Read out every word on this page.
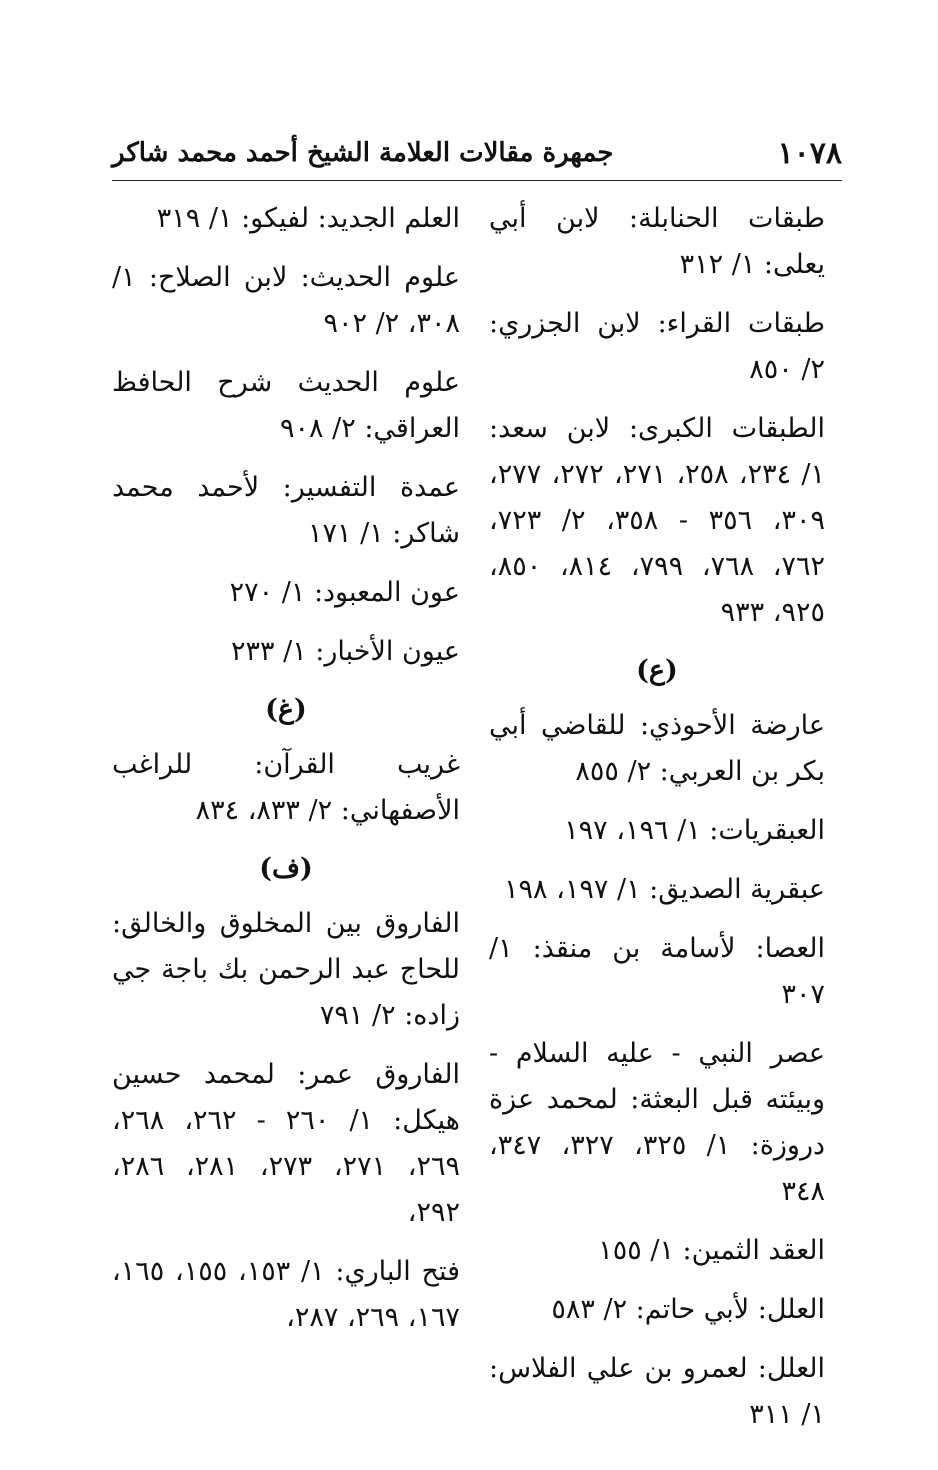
١٠٧٨
جمهرة مقالات العلامة الشيخ أحمد محمد شاكر

طبقات الحنابلة: لابن أبي يعلى: ١/ ٣١٢

طبقات القراء: لابن الجزري: ٢/ ٨٥٠

الطبقات الكبرى: لابن سعد: ١/ ٢٣٤، ٢٥٨، ٢٧١، ٢٧٢، ٢٧٧، ٣٠٩، ٣٥٦ - ٣٥٨، ٢/ ٧٢٣، ٧٦٢، ٧٦٨، ٧٩٩، ٨١٤، ٨٥٠، ٩٢٥، ٩٣٣

(ع)

عارضة الأحوذي: للقاضي أبي بكر بن العربي: ٢/ ٨٥٥

العبقريات: ١/ ١٩٦، ١٩٧

عبقرية الصديق: ١/ ١٩٧، ١٩٨

العصا: لأسامة بن منقذ: ١/ ٣٠٧

عصر النبي - عليه السلام - وبيئته قبل البعثة: لمحمد عزة دروزة: ١/ ٣٢٥، ٣٢٧، ٣٤٧، ٣٤٨

العقد الثمين: ١/ ١٥٥

العلل: لأبي حاتم: ٢/ ٥٨٣

العلل: لعمرو بن علي الفلاس: ١/ ٣١١

العلم الجديد: لفيكو: ١/ ٣١٩

علوم الحديث: لابن الصلاح: ١/ ٣٠٨، ٢/ ٩٠٢

علوم الحديث شرح الحافظ العراقي: ٢/ ٩٠٨

عمدة التفسير: لأحمد محمد شاكر: ١/ ١٧١

عون المعبود: ١/ ٢٧٠

عيون الأخبار: ١/ ٢٣٣

(غ)

غريب القرآن: للراغب الأصفهاني: ٢/ ٨٣٣، ٨٣٤

(ف)

الفاروق بين المخلوق والخالق: للحاج عبد الرحمن بك باجة جي زاده: ٢/ ٧٩١

الفاروق عمر: لمحمد حسين هيكل: ١/ ٢٦٠ - ٢٦٢، ٢٦٨، ٢٦٩، ٢٧١، ٢٧٣، ٢٨١، ٢٨٦، ٢٩٢،

فتح الباري: ١/ ١٥٣، ١٥٥، ١٦٥، ١٦٧، ٢٦٩، ٢٨٧،
